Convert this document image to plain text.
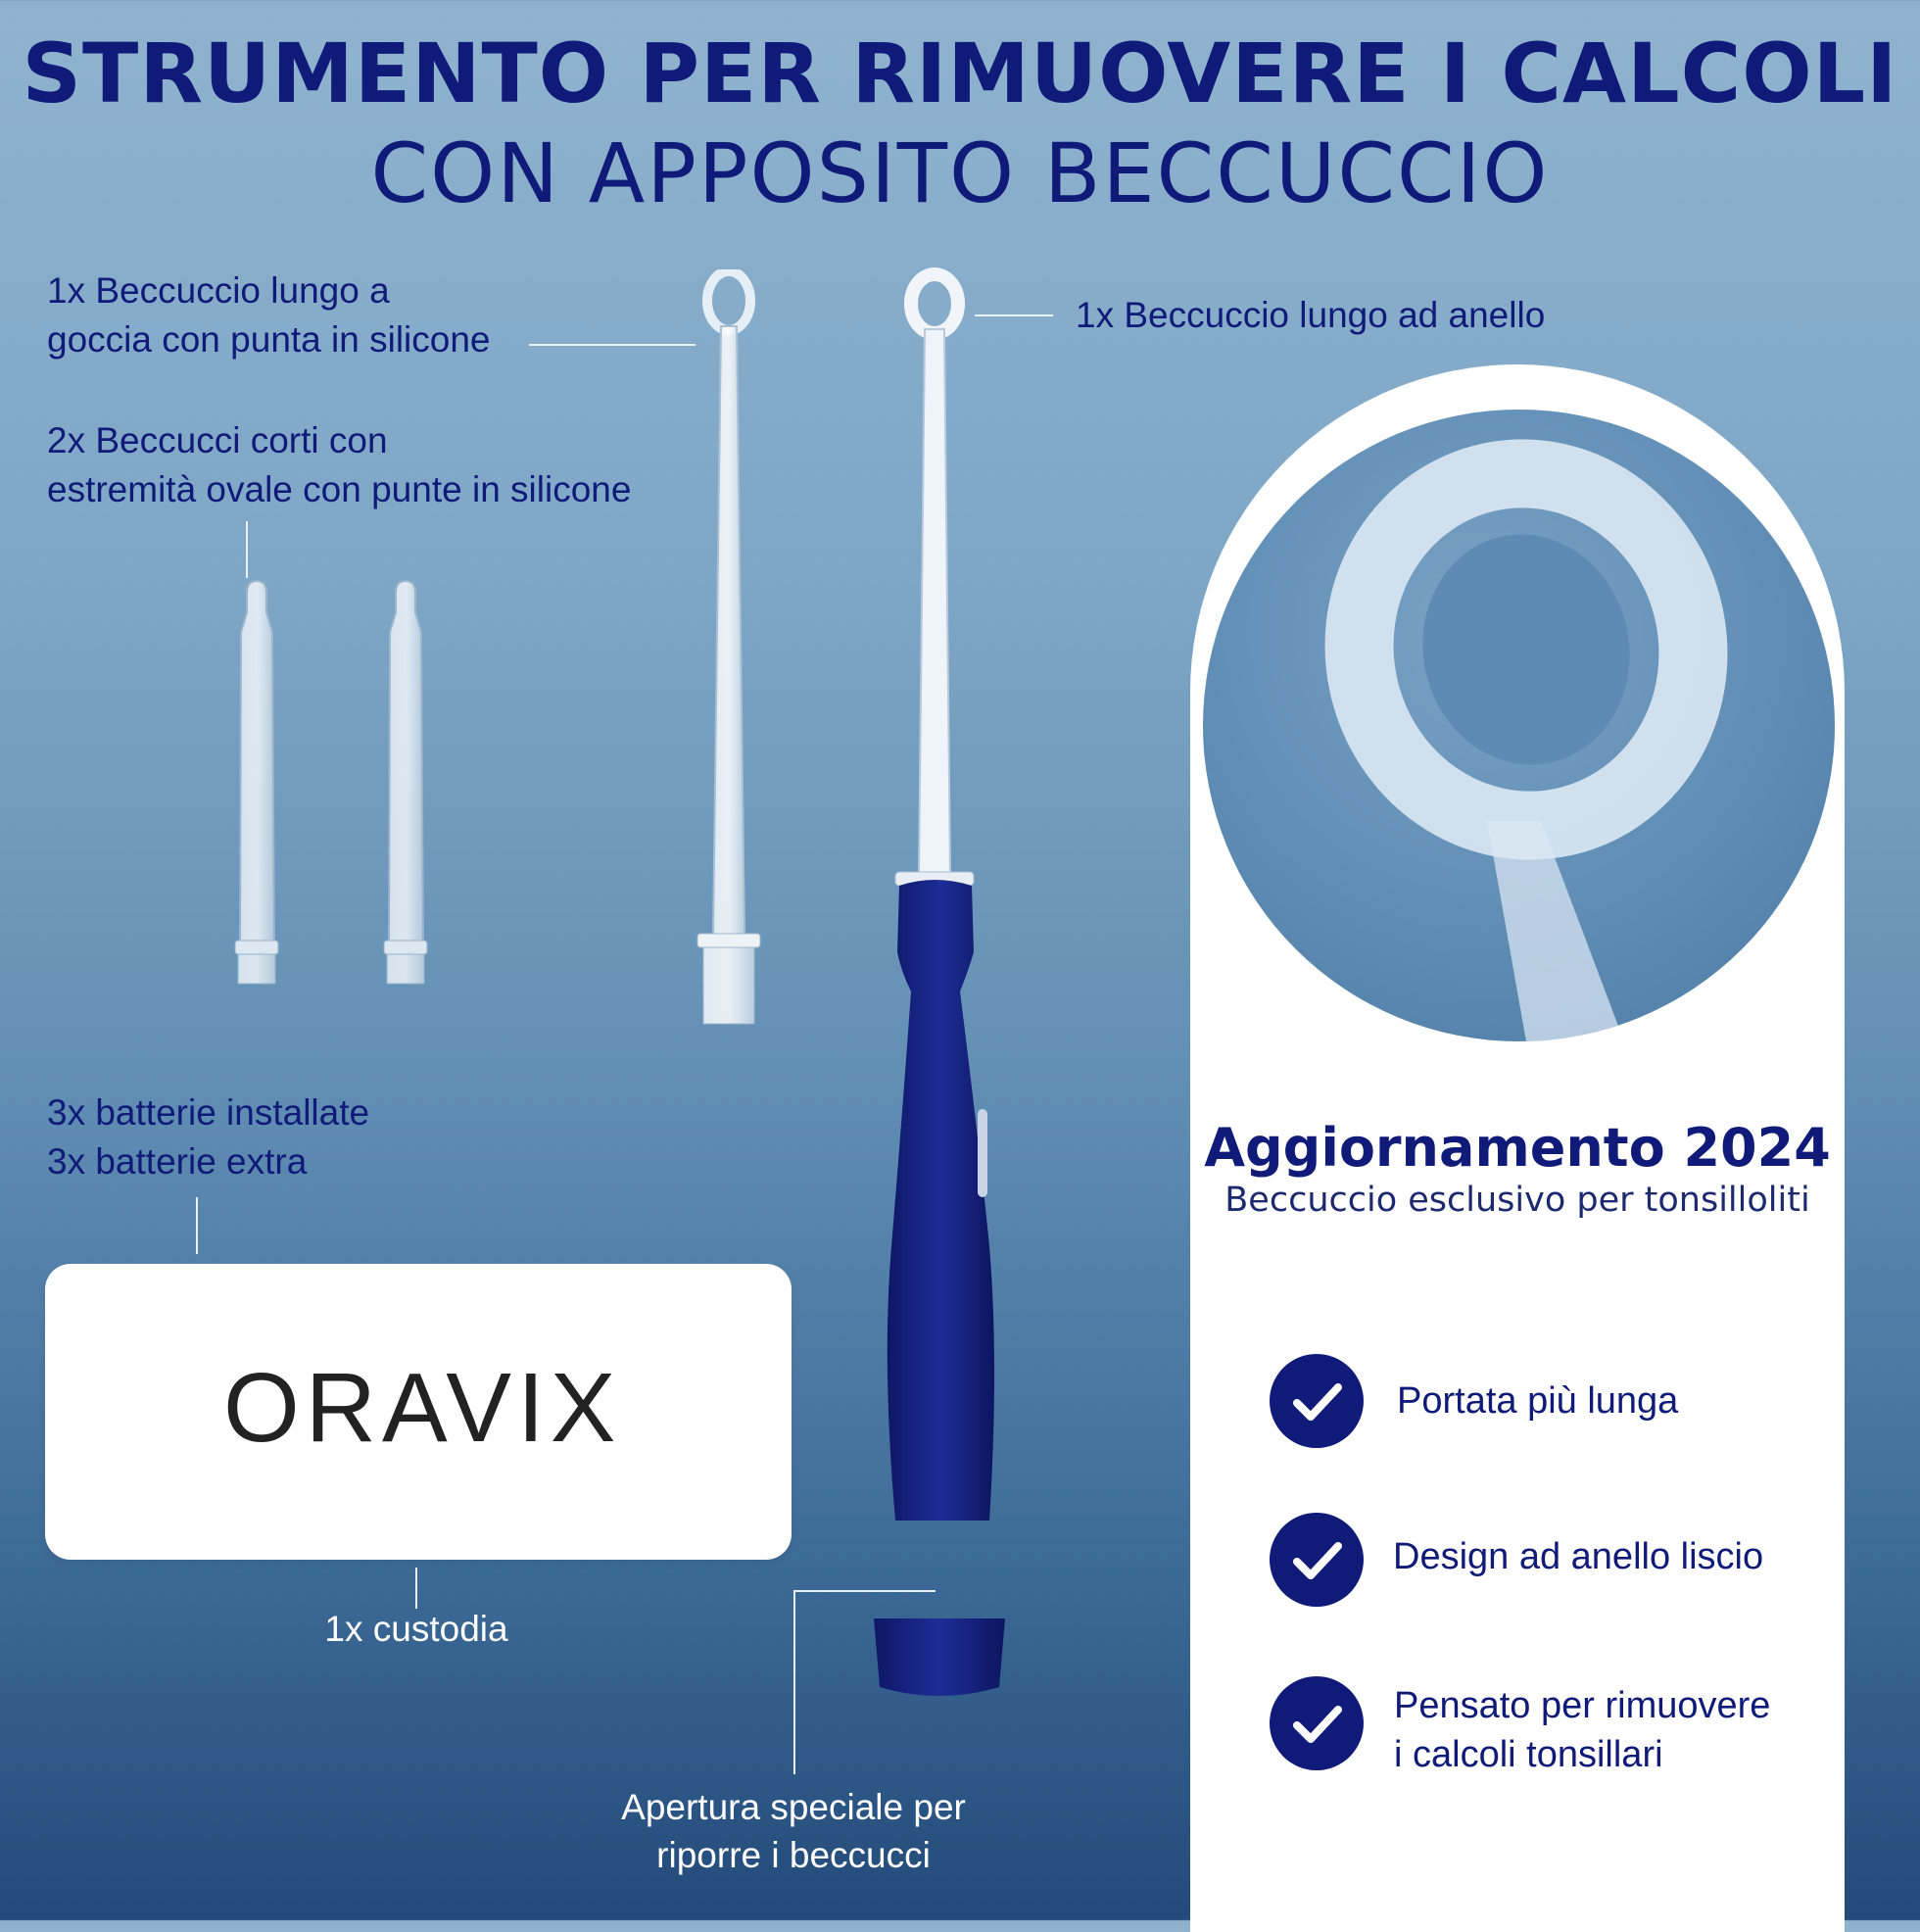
STRUMENTO PER RIMUOVERE I CALCOLI
CON APPOSITO BECCUCCIO
1x Beccuccio lungo a
goccia con punta in silicone
2x Beccucci corti con
estremità ovale con punte in silicone
1x Beccuccio lungo ad anello
3x batterie installate
3x batterie extra
ORAVIX
1x custodia
Apertura speciale per
riporre i beccucci
Aggiornamento 2024
Beccuccio esclusivo per tonsilloliti
Portata più lunga
Design ad anello liscio
Pensato per rimuovere
i calcoli tonsillari
